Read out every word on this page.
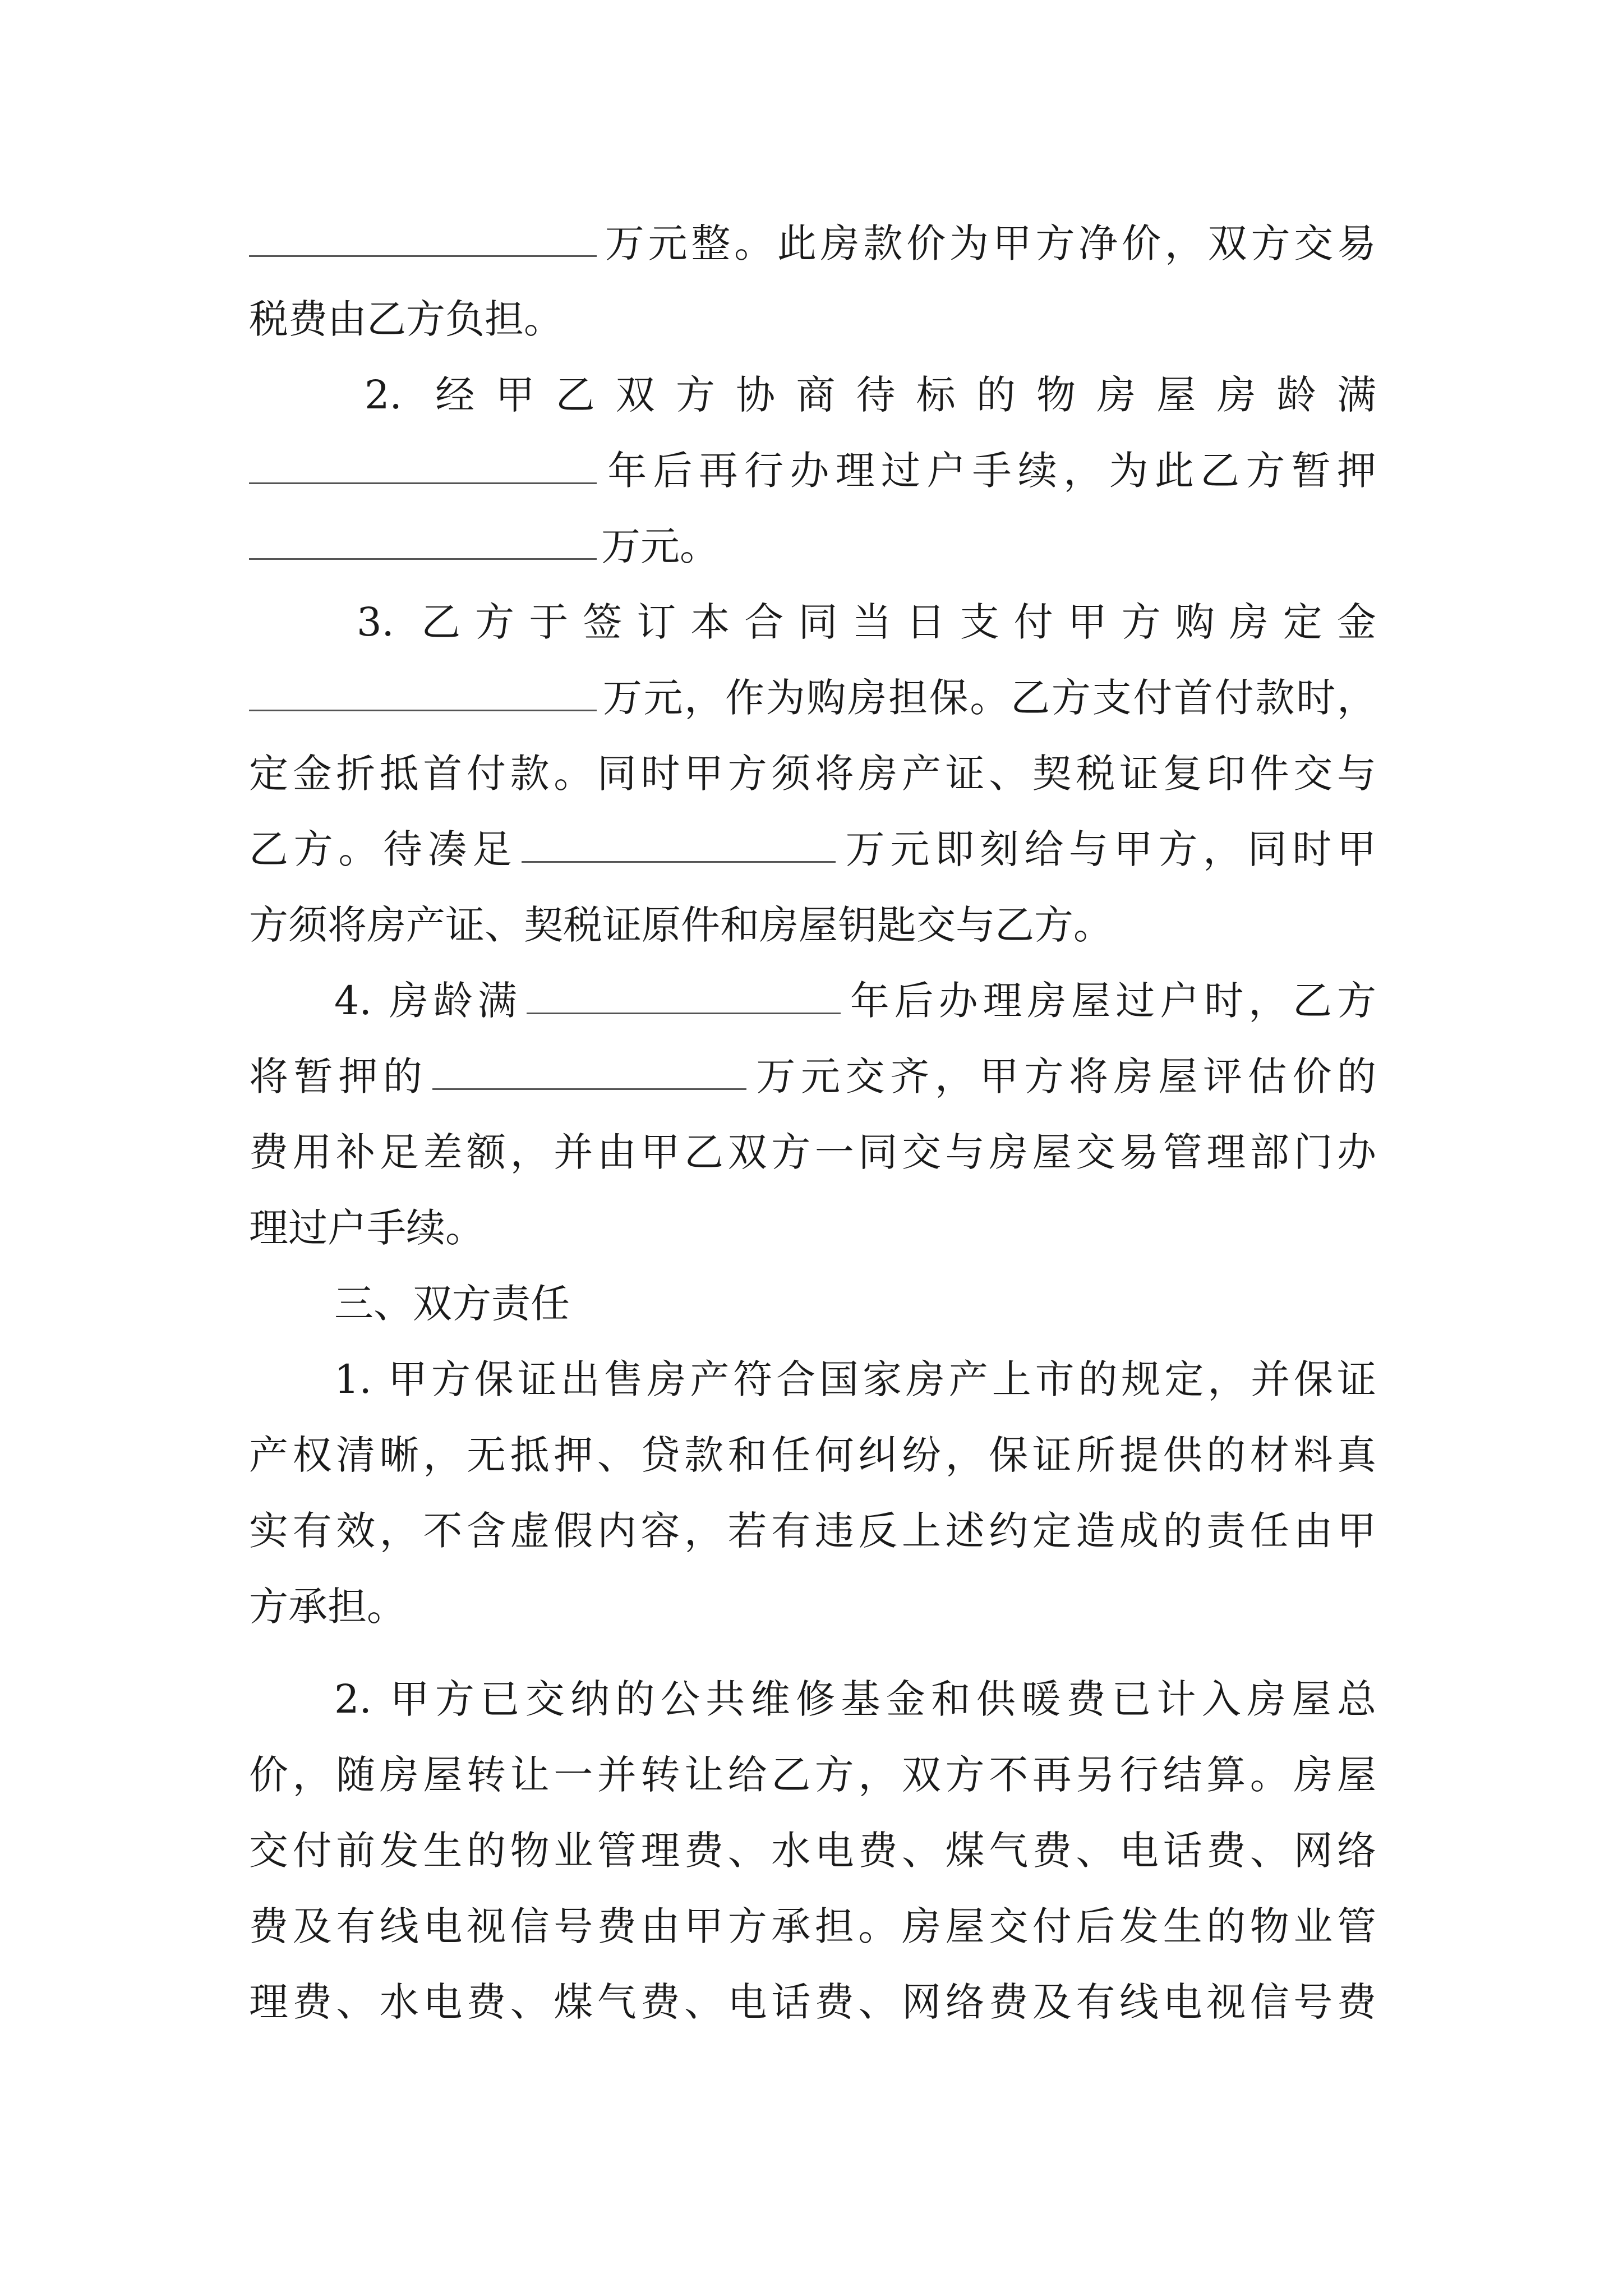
万元整。此房款价为甲方净价，双方交易
税费由乙方负担。
2. 经甲乙双方协商待标的物房屋房龄满
年后再行办理过户手续，为此乙方暂押
万元。
3. 乙方于签订本合同当日支付甲方购房定金
万元，作为购房担保。乙方支付首付款时，
定金折抵首付款。同时甲方须将房产证、契税证复印件交与
乙方。待凑足	万元即刻给与甲方，同时甲
方须将房产证、契税证原件和房屋钥匙交与乙方。
4. 房龄满	年后办理房屋过户时，乙方
将暂押的	万元交齐，甲方将房屋评估价的
费用补足差额，并由甲乙双方一同交与房屋交易管理部门办
理过户手续。
三、双方责任
1. 甲方保证出售房产符合国家房产上市的规定，并保证
产权清晰，无抵押、贷款和任何纠纷，保证所提供的材料真
实有效，不含虚假内容，若有违反上述约定造成的责任由甲
方承担。
2. 甲方已交纳的公共维修基金和供暖费已计入房屋总
价，随房屋转让一并转让给乙方，双方不再另行结算。房屋
交付前发生的物业管理费、水电费、煤气费、电话费、网络
费及有线电视信号费由甲方承担。房屋交付后发生的物业管
理费、水电费、煤气费、电话费、网络费及有线电视信号费
